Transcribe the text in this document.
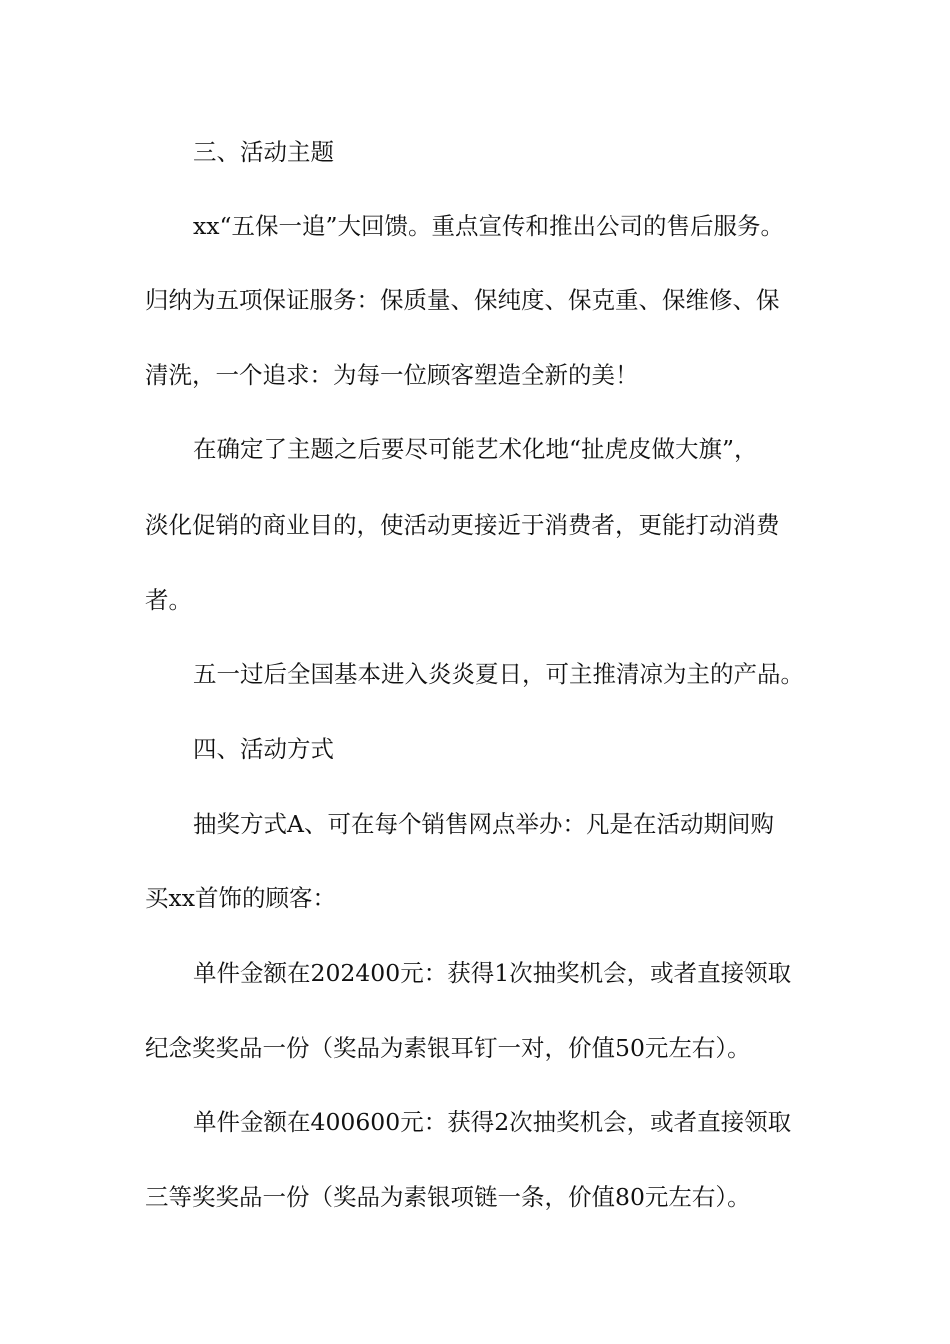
三、活动主题
xx“五保一追”大回馈。重点宣传和推出公司的售后服务。
归纳为五项保证服务：保质量、保纯度、保克重、保维修、保
清洗，一个追求：为每一位顾客塑造全新的美！
在确定了主题之后要尽可能艺术化地“扯虎皮做大旗”，
淡化促销的商业目的，使活动更接近于消费者，更能打动消费
者。
五一过后全国基本进入炎炎夏日，可主推清凉为主的产品。
四、活动方式
抽奖方式A、可在每个销售网点举办：凡是在活动期间购
买xx首饰的顾客：
单件金额在202400元：获得1次抽奖机会，或者直接领取
纪念奖奖品一份（奖品为素银耳钉一对，价值50元左右）。
单件金额在400600元：获得2次抽奖机会，或者直接领取
三等奖奖品一份（奖品为素银项链一条，价值80元左右）。
